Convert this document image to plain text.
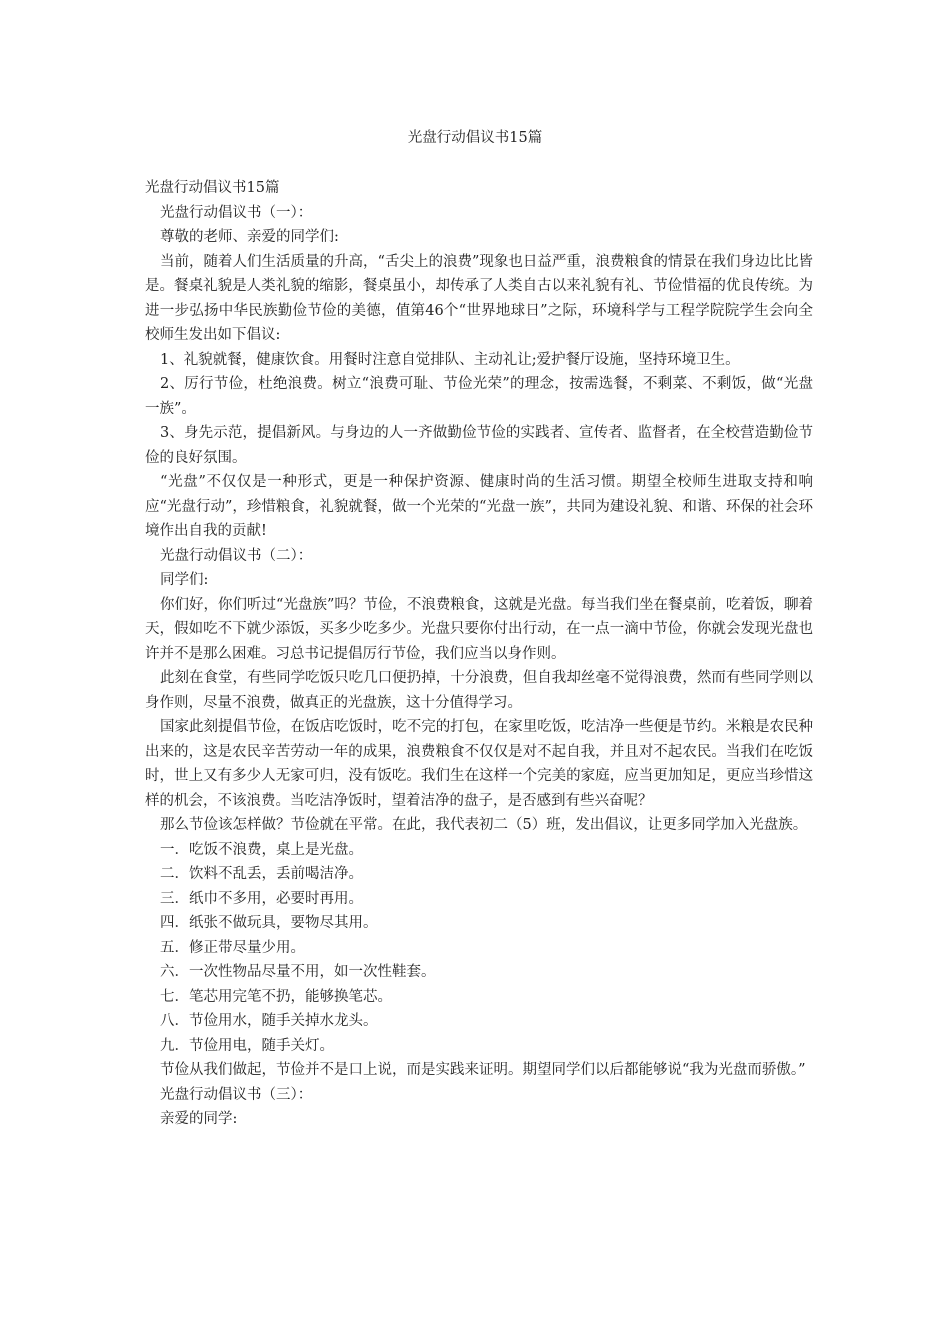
光盘行动倡议书15篇

光盘行动倡议书15篇

光盘行动倡议书（一）：

尊敬的老师、亲爱的同学们:

当前，随着人们生活质量的升高，“舌尖上的浪费”现象也日益严重，浪费粮食的情景在我们身边比比皆是。餐桌礼貌是人类礼貌的缩影，餐桌虽小，却传承了人类自古以来礼貌有礼、节俭惜福的优良传统。为进一步弘扬中华民族勤俭节俭的美德，值第46个“世界地球日”之际，环境科学与工程学院院学生会向全校师生发出如下倡议:

1、礼貌就餐，健康饮食。用餐时注意自觉排队、主动礼让;爱护餐厅设施，坚持环境卫生。

2、厉行节俭，杜绝浪费。树立“浪费可耻、节俭光荣”的理念，按需选餐，不剩菜、不剩饭，做“光盘一族”。

3、身先示范，提倡新风。与身边的人一齐做勤俭节俭的实践者、宣传者、监督者，在全校营造勤俭节俭的良好氛围。

“光盘”不仅仅是一种形式，更是一种保护资源、健康时尚的生活习惯。期望全校师生进取支持和响应“光盘行动”，珍惜粮食，礼貌就餐，做一个光荣的“光盘一族”，共同为建设礼貌、和谐、环保的社会环境作出自我的贡献!

光盘行动倡议书（二）：

同学们:

你们好，你们听过“光盘族”吗？节俭，不浪费粮食，这就是光盘。每当我们坐在餐桌前，吃着饭，聊着天，假如吃不下就少添饭，买多少吃多少。光盘只要你付出行动，在一点一滴中节俭，你就会发现光盘也许并不是那么困难。习总书记提倡厉行节俭，我们应当以身作则。

此刻在食堂，有些同学吃饭只吃几口便扔掉，十分浪费，但自我却丝毫不觉得浪费，然而有些同学则以身作则，尽量不浪费，做真正的光盘族，这十分值得学习。

国家此刻提倡节俭，在饭店吃饭时，吃不完的打包，在家里吃饭，吃洁净一些便是节约。米粮是农民种出来的，这是农民辛苦劳动一年的成果，浪费粮食不仅仅是对不起自我，并且对不起农民。当我们在吃饭时，世上又有多少人无家可归，没有饭吃。我们生在这样一个完美的家庭，应当更加知足，更应当珍惜这样的机会，不该浪费。当吃洁净饭时，望着洁净的盘子，是否感到有些兴奋呢？

那么节俭该怎样做？节俭就在平常。在此，我代表初二（5）班，发出倡议，让更多同学加入光盘族。

一．吃饭不浪费，桌上是光盘。

二．饮料不乱丢，丢前喝洁净。

三．纸巾不多用，必要时再用。

四．纸张不做玩具，要物尽其用。

五．修正带尽量少用。

六．一次性物品尽量不用，如一次性鞋套。

七．笔芯用完笔不扔，能够换笔芯。

八．节俭用水，随手关掉水龙头。

九．节俭用电，随手关灯。

节俭从我们做起，节俭并不是口上说，而是实践来证明。期望同学们以后都能够说“我为光盘而骄傲。”

光盘行动倡议书（三）：

亲爱的同学:
